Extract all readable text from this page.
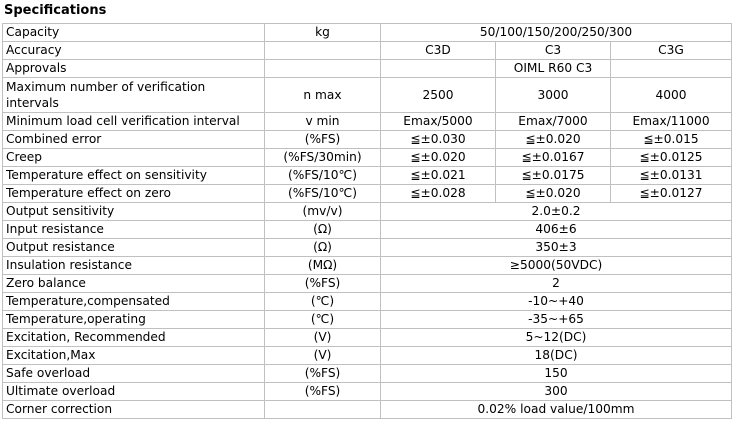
Specifications
Capacity	kg	50/100/150/200/250/300		
Accuracy		C3D	C3	C3G
Approvals			OIML R60 C3	
Maximum number of verification intervals	n max	2500	3000	4000
Minimum load cell verification interval	v min	Emax/5000	Emax/7000	Emax/11000
Combined error	(%FS)	≦±0.030	≦±0.020	≦±0.015
Creep	(%FS/30min)	≦±0.020	≦±0.0167	≦±0.0125
Temperature effect on sensitivity	(%FS/10℃)	≦±0.021	≦±0.0175	≦±0.0131
Temperature effect on zero	(%FS/10℃)	≦±0.028	≦±0.020	≦±0.0127
Output sensitivity	(mv/v)	2.0±0.2		
Input resistance	(Ω)	406±6		
Output resistance	(Ω)	350±3		
Insulation resistance	(MΩ)	≥5000(50VDC)		
Zero balance	(%FS)	2		
Temperature,compensated	(℃)	-10~+40		
Temperature,operating	(℃)	-35~+65		
Excitation, Recommended	(V)	5~12(DC)		
Excitation,Max	(V)	18(DC)		
Safe overload	(%FS)	150		
Ultimate overload	(%FS)	300		
Corner correction		0.02% load value/100mm		
